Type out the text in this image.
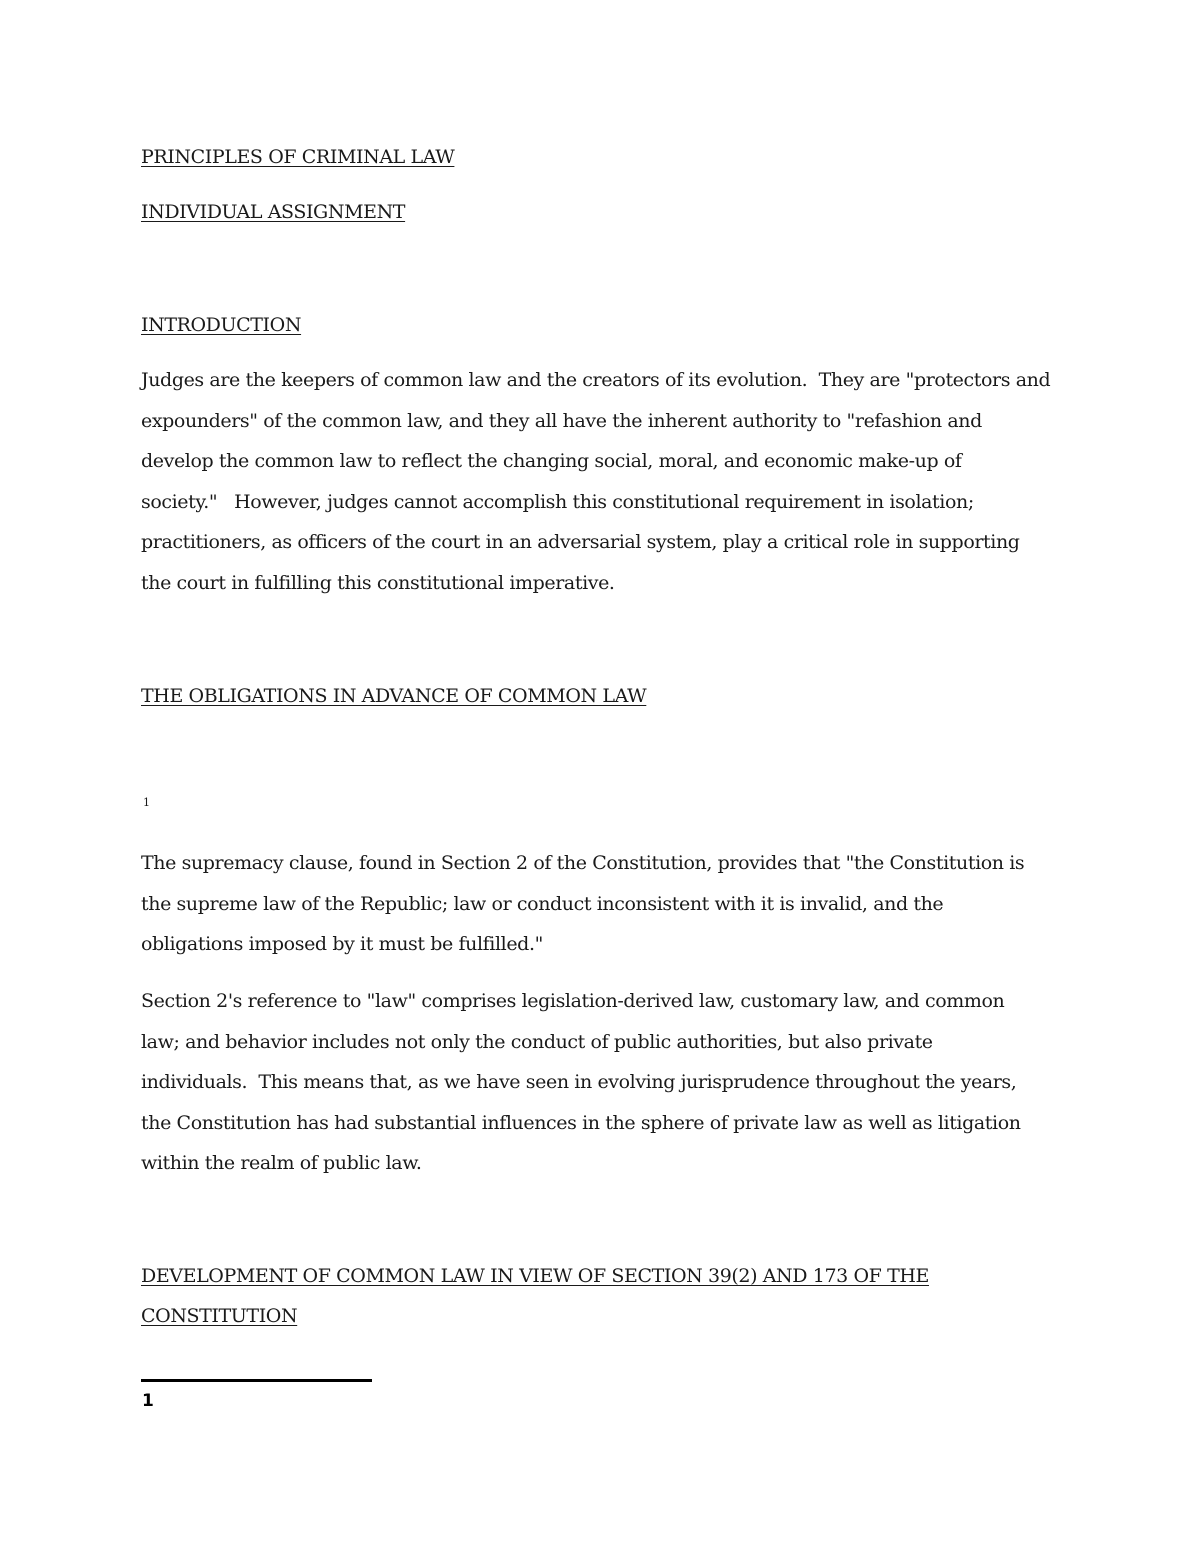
PRINCIPLES OF CRIMINAL LAW

INDIVIDUAL ASSIGNMENT

INTRODUCTION

Judges are the keepers of common law and the creators of its evolution.  They are "protectors and
expounders" of the common law, and they all have the inherent authority to "refashion and
develop the common law to reflect the changing social, moral, and economic make-up of
society."   However, judges cannot accomplish this constitutional requirement in isolation;
practitioners, as officers of the court in an adversarial system, play a critical role in supporting
the court in fulfilling this constitutional imperative.

THE OBLIGATIONS IN ADVANCE OF COMMON LAW

1

The supremacy clause, found in Section 2 of the Constitution, provides that "the Constitution is
the supreme law of the Republic; law or conduct inconsistent with it is invalid, and the
obligations imposed by it must be fulfilled."

Section 2's reference to "law" comprises legislation-derived law, customary law, and common
law; and behavior includes not only the conduct of public authorities, but also private
individuals.  This means that, as we have seen in evolving jurisprudence throughout the years,
the Constitution has had substantial influences in the sphere of private law as well as litigation
within the realm of public law.

DEVELOPMENT OF COMMON LAW IN VIEW OF SECTION 39(2) AND 173 OF THE
CONSTITUTION

1
